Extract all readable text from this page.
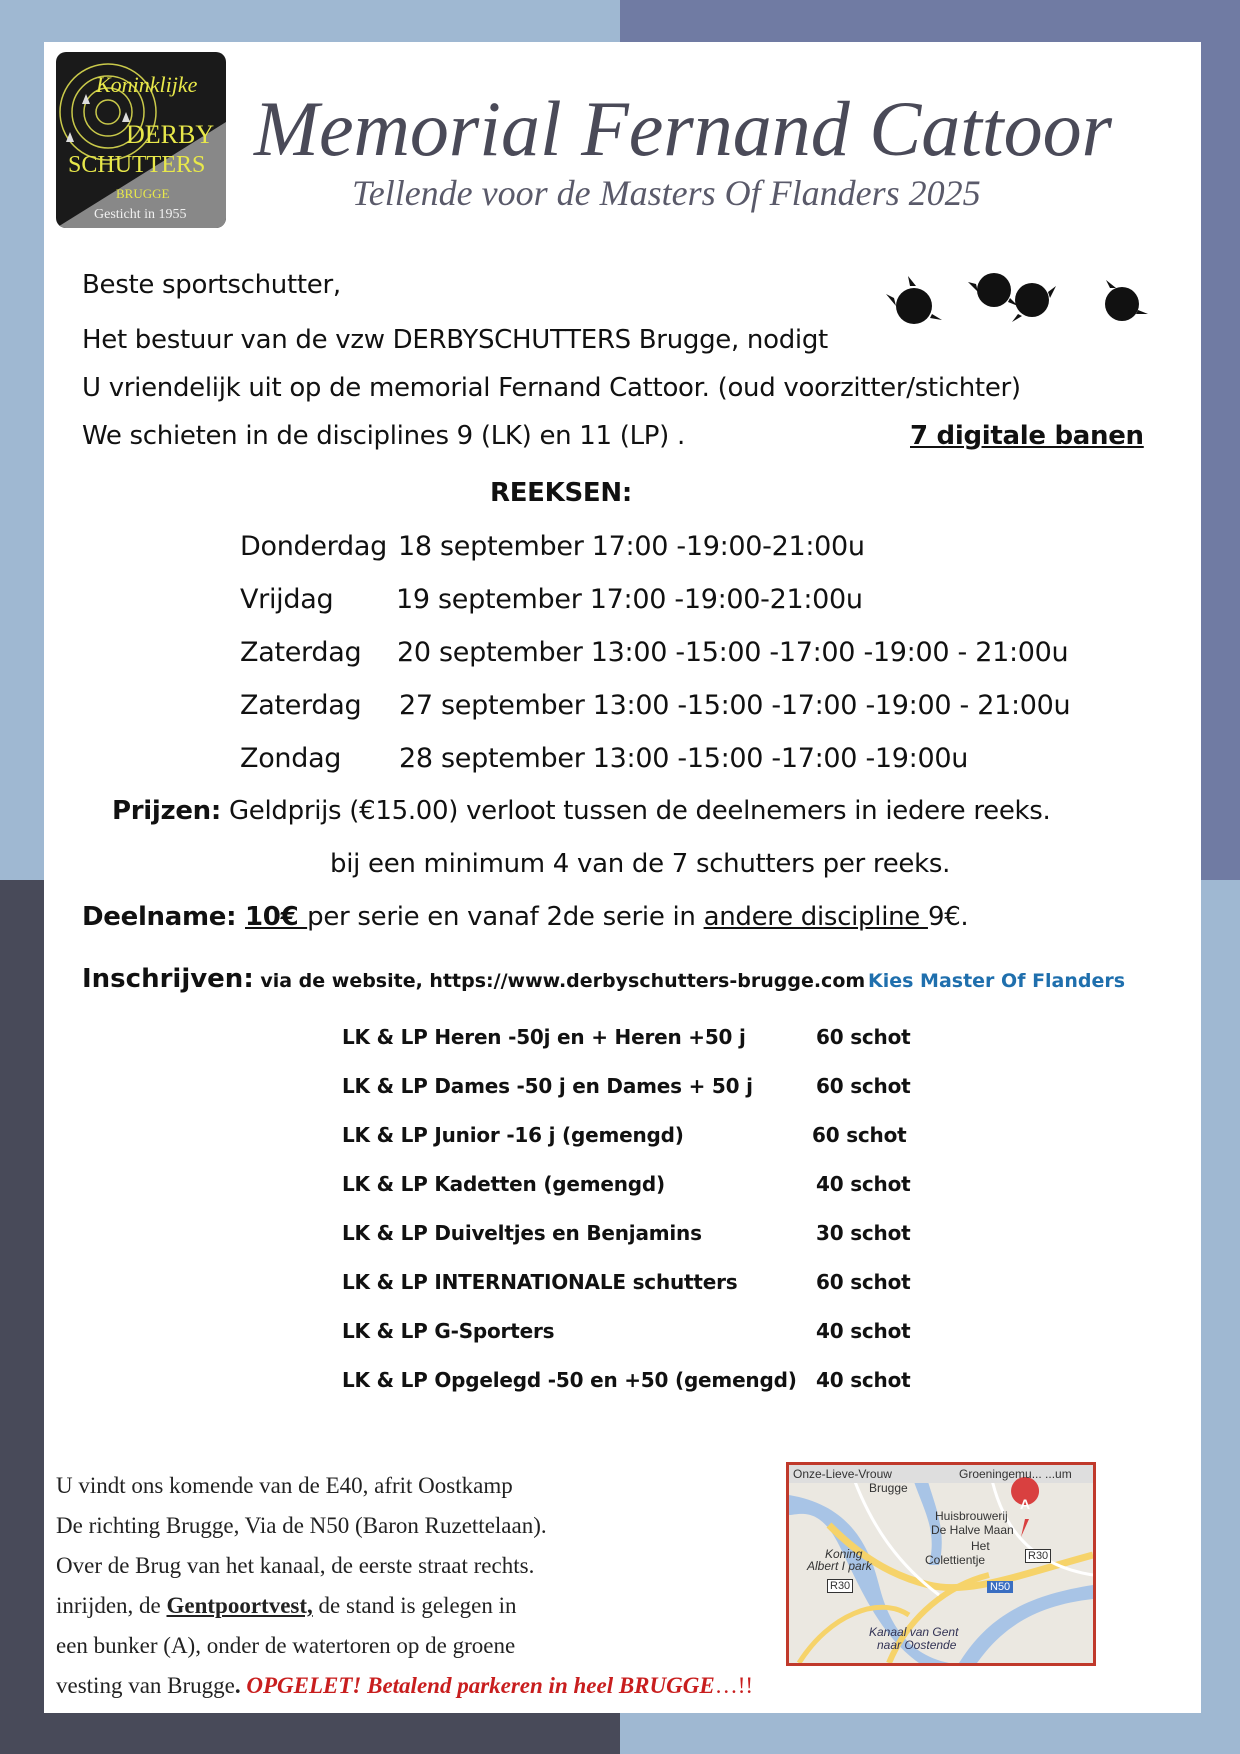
Koninklijke
DERBY
SCHUTTERS
BRUGGE
Gesticht in 1955
Memorial Fernand Cattoor
Tellende voor de Masters Of Flanders 2025
Beste sportschutter,
Het bestuur van de vzw DERBYSCHUTTERS Brugge, nodigt
U vriendelijk uit op de memorial Fernand Cattoor. (oud voorzitter/stichter)
We schieten in de disciplines 9 (LK) en 11 (LP) .	7 digitale banen
REEKSEN:
Donderdag 18 september 17:00 -19:00-21:00u
Vrijdag 19 september 17:00 -19:00-21:00u
Zaterdag 20 september 13:00 -15:00 -17:00 -19:00 - 21:00u
Zaterdag 27 september 13:00 -15:00 -17:00 -19:00 - 21:00u
Zondag 28 september 13:00 -15:00 -17:00 -19:00u
Prijzen: Geldprijs (€15.00) verloot tussen de deelnemers in iedere reeks.
bij een minimum 4 van de 7 schutters per reeks.
Deelname: 10€ per serie en vanaf 2de serie in andere discipline 9€.
Inschrijven: via de website, https://www.derbyschutters-brugge.com Kies Master Of Flanders
LK & LP Heren -50j en + Heren +50 j	60 schot
LK & LP Dames -50 j en Dames + 50 j	60 schot
LK & LP Junior -16 j (gemengd)	60 schot
LK & LP Kadetten (gemengd)	40 schot
LK & LP Duiveltjes en Benjamins	30 schot
LK & LP INTERNATIONALE schutters	60 schot
LK & LP G-Sporters	40 schot
LK & LP Opgelegd -50 en +50 (gemengd) 40 schot
U vindt ons komende van de E40, afrit Oostkamp
De richting Brugge, Via de N50 (Baron Ruzettelaan).
Over de Brug van het kanaal, de eerste straat rechts.
inrijden, de Gentpoortvest, de stand is gelegen in
een bunker (A), onder de watertoren op de groene
vesting van Brugge. OPGELET! Betalend parkeren in heel BRUGGE…!!
Onze-Lieve-Vrouw
Brugge
Groeningemu... ...um
Huisbrouwerij
De Halve Maan
Het
Colettientje
Koning
Albert I park
Kanaal van Gent
naar Oostende
R30
R30	N50
A
